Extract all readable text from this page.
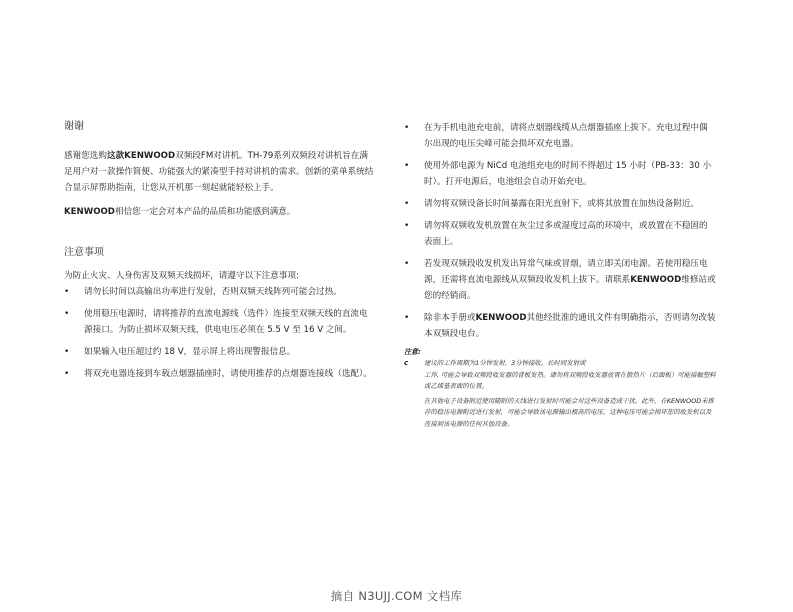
谢谢

感谢您选购这款KENWOOD双频段FM对讲机。TH-79系列双频段对讲机旨在满足用户对一款操作简便、功能强大的紧凑型手持对讲机的需求。创新的菜单系统结合显示屏帮助指南，让您从开机那一刻起就能轻松上手。

KENWOOD相信您一定会对本产品的品质和功能感到满意。

注意事项

为防止火灾、人身伤害及双频天线损坏，请遵守以下注意事项:

• 请勿长时间以高输出功率进行发射，否则双频天线阵列可能会过热。
• 使用稳压电源时，请将推荐的直流电源线（选件）连接至双频天线的直流电源接口。为防止损坏双频天线，供电电压必须在 5.5 V 至 16 V 之间。
• 如果输入电压超过约 18 V，显示屏上将出现警报信息。
• 将双充电器连接到车载点烟器插座时，请使用推荐的点烟器连接线（选配）。
• 在为手机电池充电前，请将点烟器线缆从点烟器插座上拔下。充电过程中偶尔出现的电压尖峰可能会损坏双充电器。
• 使用外部电源为 NiCd 电池组充电的时间不得超过 15 小时（PB-33：30 小时）。打开电源后，电池组会自动开始充电。
• 请勿将双频设备长时间暴露在阳光直射下，或将其放置在加热设备附近。
• 请勿将双频收发机放置在灰尘过多或湿度过高的环境中，或放置在不稳固的表面上。
• 若发现双频段收发机发出异常气味或冒烟，请立即关闭电源。若使用稳压电源，还需将直流电源线从双频段收发机上拔下。请联系KENWOOD维修站或您的经销商。
• 除非本手册或KENWOOD其他经批准的通讯文件有明确指示，否则请勿改装本双频段电台。
注意:
c 建议的工作周期为1分钟发射，3分钟接收。长时间发射或

工作, 可能会导致双频段收发器的背板发热。请勿将双频段收发器放置在散热片（后面板）可能接触塑料或乙烯基表面的位置。

在其他电子设备附近使用随附的天线进行发射时可能会对这些设备造成干扰。此外，在KENWOOD未推荐的稳压电源附近进行发射，可能会导致该电源输出极高的电压。这种电压可能会损坏您的收发机以及连接到该电源的任何其他设备。

摘自 N3UJJ.COM 文档库
